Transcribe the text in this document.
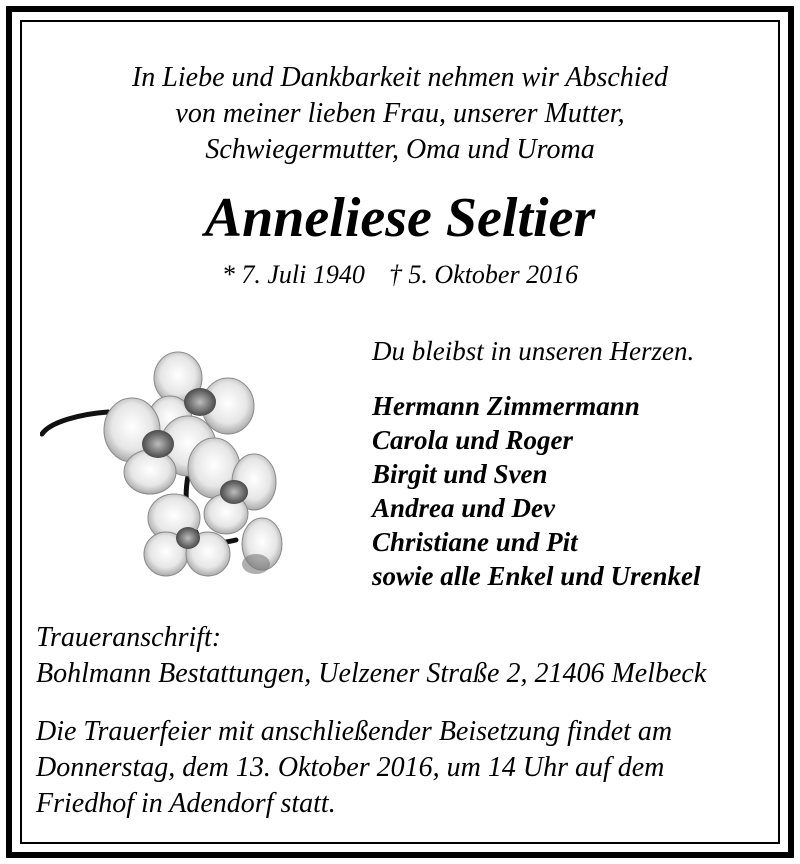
In Liebe und Dankbarkeit nehmen wir Abschied
von meiner lieben Frau, unserer Mutter,
Schwiegermutter, Oma und Uroma
Anneliese Seltier
* 7. Juli 1940 † 5. Oktober 2016
Du bleibst in unseren Herzen.
Hermann Zimmermann
Carola und Roger
Birgit und Sven
Andrea und Dev
Christiane und Pit
sowie alle Enkel und Urenkel
Traueranschrift:
Bohlmann Bestattungen, Uelzener Straße 2, 21406 Melbeck
Die Trauerfeier mit anschließender Beisetzung findet am
Donnerstag, dem 13. Oktober 2016, um 14 Uhr auf dem
Friedhof in Adendorf statt.
